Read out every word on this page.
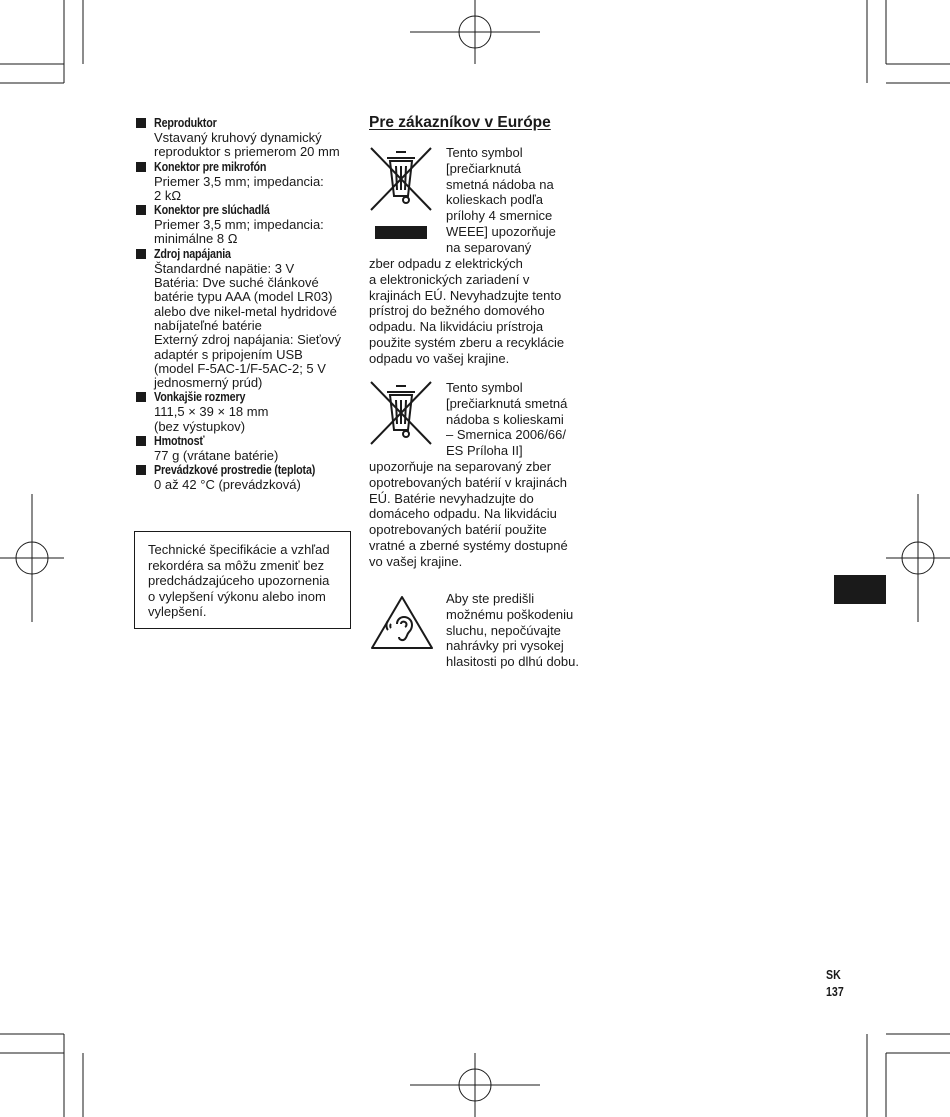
Reproduktor
Vstavaný kruhový dynamický
reproduktor s priemerom 20 mm
Konektor pre mikrofón
Priemer 3,5 mm; impedancia:
2 kΩ
Konektor pre slúchadlá
Priemer 3,5 mm; impedancia:
minimálne 8 Ω
Zdroj napájania
Štandardné napätie: 3 V
Batéria: Dve suché článkové
batérie typu AAA (model LR03)
alebo dve nikel-metal hydridové
nabíjateľné batérie
Externý zdroj napájania: Sieťový
adaptér s pripojením USB
(model F-5AC-1/F-5AC-2; 5 V
jednosmerný prúd)
Vonkajšie rozmery
111,5 × 39 × 18 mm
(bez výstupkov)
Hmotnosť
77 g (vrátane batérie)
Prevádzkové prostredie (teplota)
0 až 42 °C (prevádzková)
Technické špecifikácie a vzhľad
rekordéra sa môžu zmeniť bez
predchádzajúceho upozornenia
o vylepšení výkonu alebo inom
vylepšení.
Pre zákazníkov v Európe
Tento symbol
[prečiarknutá
smetná nádoba na
kolieskach podľa
prílohy 4 smernice
WEEE] upozorňuje
na separovaný
zber odpadu z elektrických
a elektronických zariadení v
krajinách EÚ. Nevyhadzujte tento
prístroj do bežného domového
odpadu. Na likvidáciu prístroja
použite systém zberu a recyklácie
odpadu vo vašej krajine.
Tento symbol
[prečiarknutá smetná
nádoba s kolieskami
– Smernica 2006/66/
ES Príloha II]
upozorňuje na separovaný zber
opotrebovaných batérií v krajinách
EÚ. Batérie nevyhadzujte do
domáceho odpadu. Na likvidáciu
opotrebovaných batérií použite
vratné a zberné systémy dostupné
vo vašej krajine.
Aby ste predišli
možnému poškodeniu
sluchu, nepočúvajte
nahrávky pri vysokej
hlasitosti po dlhú dobu.
SK
137
